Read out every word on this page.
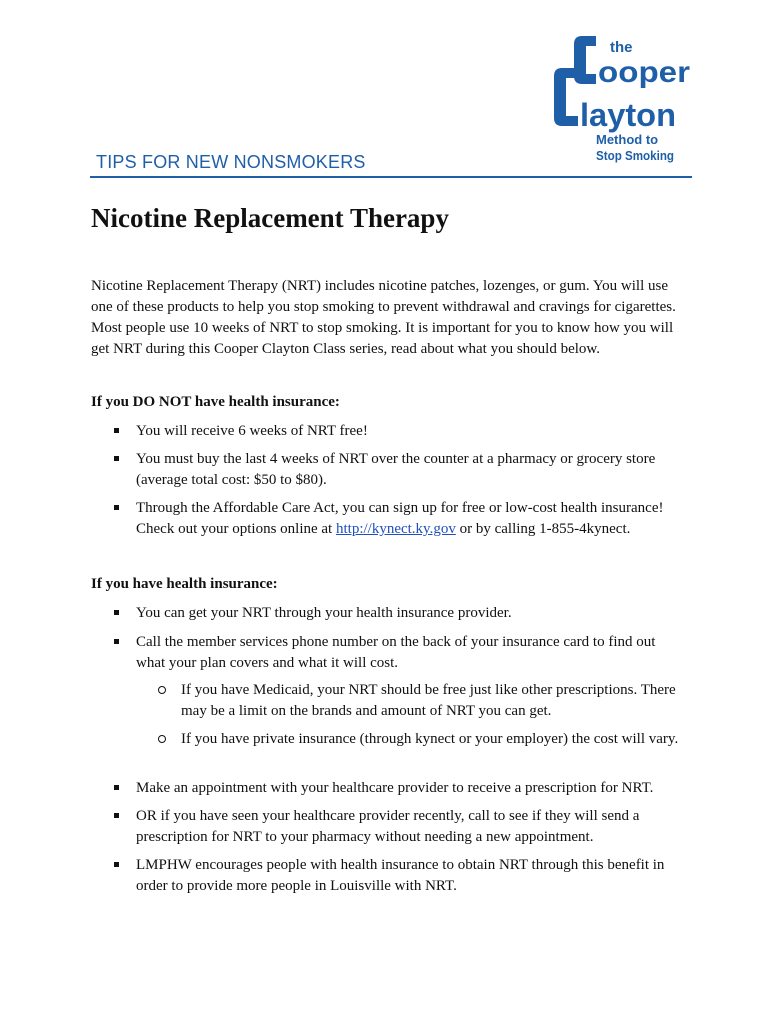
the
ooper
layton
Method to
Stop Smoking
TIPS FOR NEW NONSMOKERS
Nicotine Replacement Therapy
Nicotine Replacement Therapy (NRT) includes nicotine patches, lozenges, or gum. You will use one of these products to help you stop smoking to prevent withdrawal and cravings for cigarettes. Most people use 10 weeks of NRT to stop smoking. It is important for you to know how you will get NRT during this Cooper Clayton Class series, read about what you should below.
If you DO NOT have health insurance:
You will receive 6 weeks of NRT free!
You must buy the last 4 weeks of NRT over the counter at a pharmacy or grocery store (average total cost: $50 to $80).
Through the Affordable Care Act, you can sign up for free or low-cost health insurance! Check out your options online at http://kynect.ky.gov or by calling 1-855-4kynect.
If you have health insurance:
You can get your NRT through your health insurance provider.
Call the member services phone number on the back of your insurance card to find out what your plan covers and what it will cost.
If you have Medicaid, your NRT should be free just like other prescriptions. There may be a limit on the brands and amount of NRT you can get.
If you have private insurance (through kynect or your employer) the cost will vary.
Make an appointment with your healthcare provider to receive a prescription for NRT.
OR if you have seen your healthcare provider recently, call to see if they will send a prescription for NRT to your pharmacy without needing a new appointment.
LMPHW encourages people with health insurance to obtain NRT through this benefit in order to provide more people in Louisville with NRT.
